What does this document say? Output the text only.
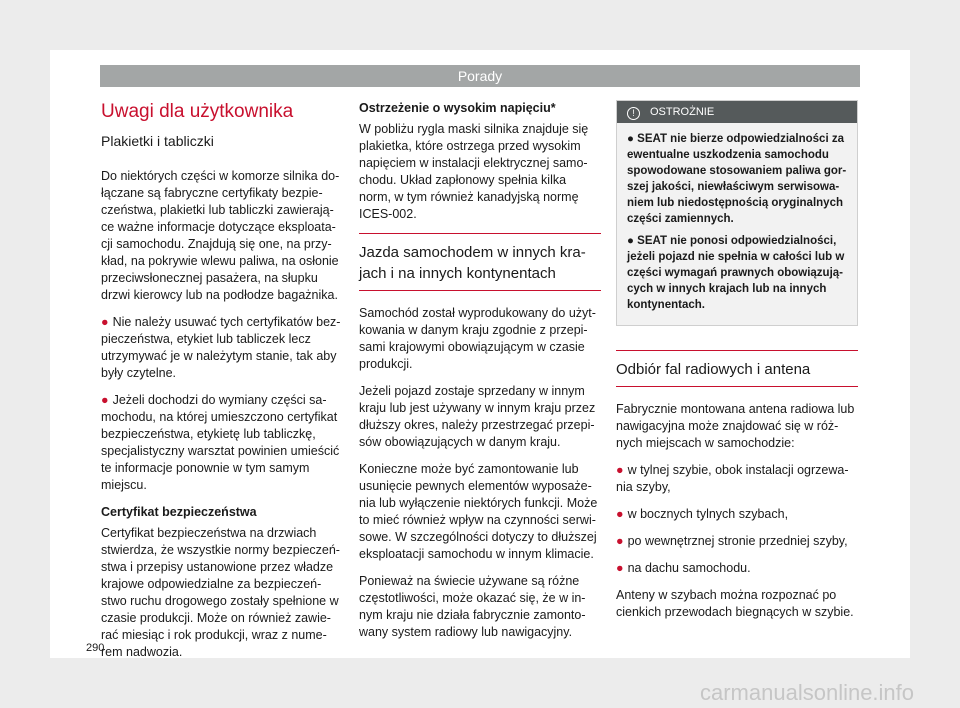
Porady
Uwagi dla użytkownika
Plakietki i tabliczki

Do niektórych części w komorze silnika do-łączane są fabryczne certyfikaty bezpie-czeństwa, plakietki lub tabliczki zawierają-ce ważne informacje dotyczące eksploata-cji samochodu. Znajdują się one, na przy-kład, na pokrywie wlewu paliwa, na osłonie przeciwsłonecznej pasażera, na słupku drzwi kierowcy lub na podłodze bagażnika.

● Nie należy usuwać tych certyfikatów bez-pieczeństwa, etykiet lub tabliczek lecz utrzymywać je w należytym stanie, tak aby były czytelne.

● Jeżeli dochodzi do wymiany części sa-mochodu, na której umieszczono certyfikat bezpieczeństwa, etykietę lub tabliczkę, specjalistyczny warsztat powinien umieścić te informacje ponownie w tym samym miejscu.

Certyfikat bezpieczeństwa

Certyfikat bezpieczeństwa na drzwiach stwierdza, że wszystkie normy bezpieczeń-stwa i przepisy ustanowione przez władze krajowe odpowiedzialne za bezpieczeń-stwo ruchu drogowego zostały spełnione w czasie produkcji. Może on również zawie-rać miesiąc i rok produkcji, wraz z nume-rem nadwozia.

Ostrzeżenie o wysokim napięciu*

W pobliżu rygla maski silnika znajduje się plakietka, które ostrzega przed wysokim napięciem w instalacji elektrycznej samo-chodu. Układ zapłonowy spełnia kilka norm, w tym również kanadyjską normę ICES-002.

Jazda samochodem w innych kra-jach i na innych kontynentach

Samochód został wyprodukowany do użyt-kowania w danym kraju zgodnie z przepi-sami krajowymi obowiązującym w czasie produkcji.

Jeżeli pojazd zostaje sprzedany w innym kraju lub jest używany w innym kraju przez dłuższy okres, należy przestrzegać przepi-sów obowiązujących w danym kraju.

Konieczne może być zamontowanie lub usunięcie pewnych elementów wyposaże-nia lub wyłączenie niektórych funkcji. Może to mieć również wpływ na czynności serwi-sowe. W szczególności dotyczy to dłuższej eksploatacji samochodu w innym klimacie.

Ponieważ na świecie używane są różne częstotliwości, może okazać się, że w in-nym kraju nie działa fabrycznie zamonto-wany system radiowy lub nawigacyjny.

! OSTROŻNIE

● SEAT nie bierze odpowiedzialności za ewentualne uszkodzenia samochodu spowodowane stosowaniem paliwa gor-szej jakości, niewłaściwym serwisowa-niem lub niedostępnością oryginalnych części zamiennych.

● SEAT nie ponosi odpowiedzialności, jeżeli pojazd nie spełnia w całości lub w części wymagań prawnych obowiązują-cych w innych krajach lub na innych kontynentach.

Odbiór fal radiowych i antena

Fabrycznie montowana antena radiowa lub nawigacyjna może znajdować się w róż-nych miejscach w samochodzie:

● w tylnej szybie, obok instalacji ogrzewa-nia szyby,

● w bocznych tylnych szybach,

● po wewnętrznej stronie przedniej szyby,

● na dachu samochodu.

Anteny w szybach można rozpoznać po cienkich przewodach biegnących w szybie.

290
carmanualsonline.info
